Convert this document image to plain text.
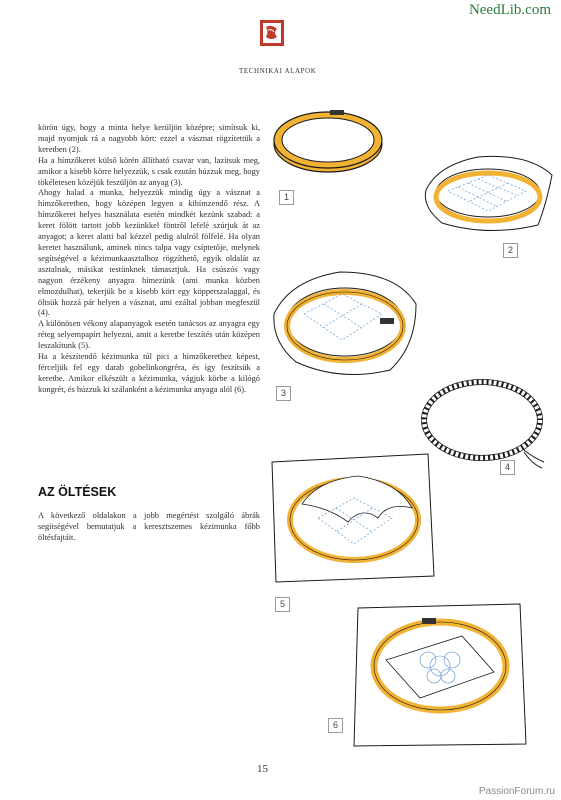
NeedLib.com
TECHNIKAI ALAPOK

körön úgy, hogy a minta helye kerüljön középre; simítsuk ki, majd nyomjuk rá a nagyobb kört: ezzel a vásznat rögzítettük a keretben (2).

Ha a hímzőkeret külső körén állítható csavar van, lazítsuk meg, amikor a kisebb körre helyezzük, s csak ezután húzzuk meg, hogy tökéletesen közéjük feszüljön az anyag (3).

Ahogy halad a munka, helyezzük mindig úgy a vásznat a hímzőkeretben, hogy középen legyen a kihímzendő rész. A hímzőkeret helyes használata esetén mindkét kezünk szabad: a keret fölött tartott jobb kezünkkel föntről lefelé szúrjuk át az anyagot; a keret alatti bal kézzel pedig alulról fölfelé. Ha olyan keretet használunk, aminek nincs talpa vagy csíptetője, melynek segítségével a kézimunkaasztalhoz rögzíthető, egyik oldalát az asztalnak, másikat testünknek támasztjuk. Ha csúszós vagy nagyon érzékeny anyagra hímezünk (ami munka közben elmozdulhat), tekerjük be a kisebb kört egy köpperszalaggal, és öltsük hozzá pár helyen a vásznat, ami ezáltal jobban megfeszül (4).

A különösen vékony alapanyagok esetén tanácsos az anyagra egy réteg selyempapírt helyezni, amit a keretbe feszítés után középen leszakítunk (5).

Ha a készítendő kézimunka túl pici a hímzőkerethez képest, fércеljük fel egy darab gobelinkongréra, és így feszítsük a keretbe. Amikor elkészült a kézimunka, vágjuk körbe a kilógó kongrét, és húzzuk ki szálanként a kézimunka anyaga alól (6).

AZ ÖLTÉSEK

A következő oldalakon a jobb megértést szolgáló ábrák segítségével bemutatjuk a keresztszemes kézimunka főbb öltésfajtáit.

1
2
3
4
5
6
15
PassionForum.ru
